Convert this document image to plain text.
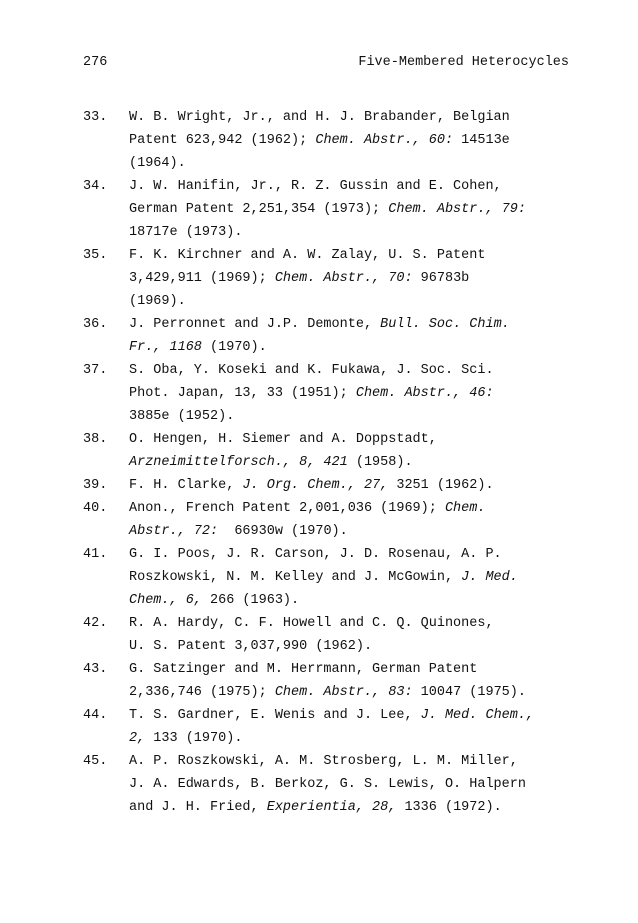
276	Five-Membered Heterocycles
33. W. B. Wright, Jr., and H. J. Brabander, Belgian
Patent 623,942 (1962); Chem. Abstr., 60: 14513e
(1964).
34. J. W. Hanifin, Jr., R. Z. Gussin and E. Cohen,
German Patent 2,251,354 (1973); Chem. Abstr., 79:
18717e (1973).
35. F. K. Kirchner and A. W. Zalay, U. S. Patent
3,429,911 (1969); Chem. Abstr., 70: 96783b
(1969).
36. J. Perronnet and J.P. Demonte, Bull. Soc. Chim.
Fr., 1168 (1970).
37. S. Oba, Y. Koseki and K. Fukawa, J. Soc. Sci.
Phot. Japan, 13, 33 (1951); Chem. Abstr., 46:
3885e (1952).
38. O. Hengen, H. Siemer and A. Doppstadt,
Arzneimittelforsch., 8, 421 (1958).
39. F. H. Clarke, J. Org. Chem., 27, 3251 (1962).
40. Anon., French Patent 2,001,036 (1969); Chem.
Abstr., 72:  66930w (1970).
41. G. I. Poos, J. R. Carson, J. D. Rosenau, A. P.
Roszkowski, N. M. Kelley and J. McGowin, J. Med.
Chem., 6, 266 (1963).
42. R. A. Hardy, C. F. Howell and C. Q. Quinones,
U. S. Patent 3,037,990 (1962).
43. G. Satzinger and M. Herrmann, German Patent
2,336,746 (1975); Chem. Abstr., 83: 10047 (1975).
44. T. S. Gardner, E. Wenis and J. Lee, J. Med. Chem.,
2, 133 (1970).
45. A. P. Roszkowski, A. M. Strosberg, L. M. Miller,
J. A. Edwards, B. Berkoz, G. S. Lewis, O. Halpern
and J. H. Fried, Experientia, 28, 1336 (1972).
